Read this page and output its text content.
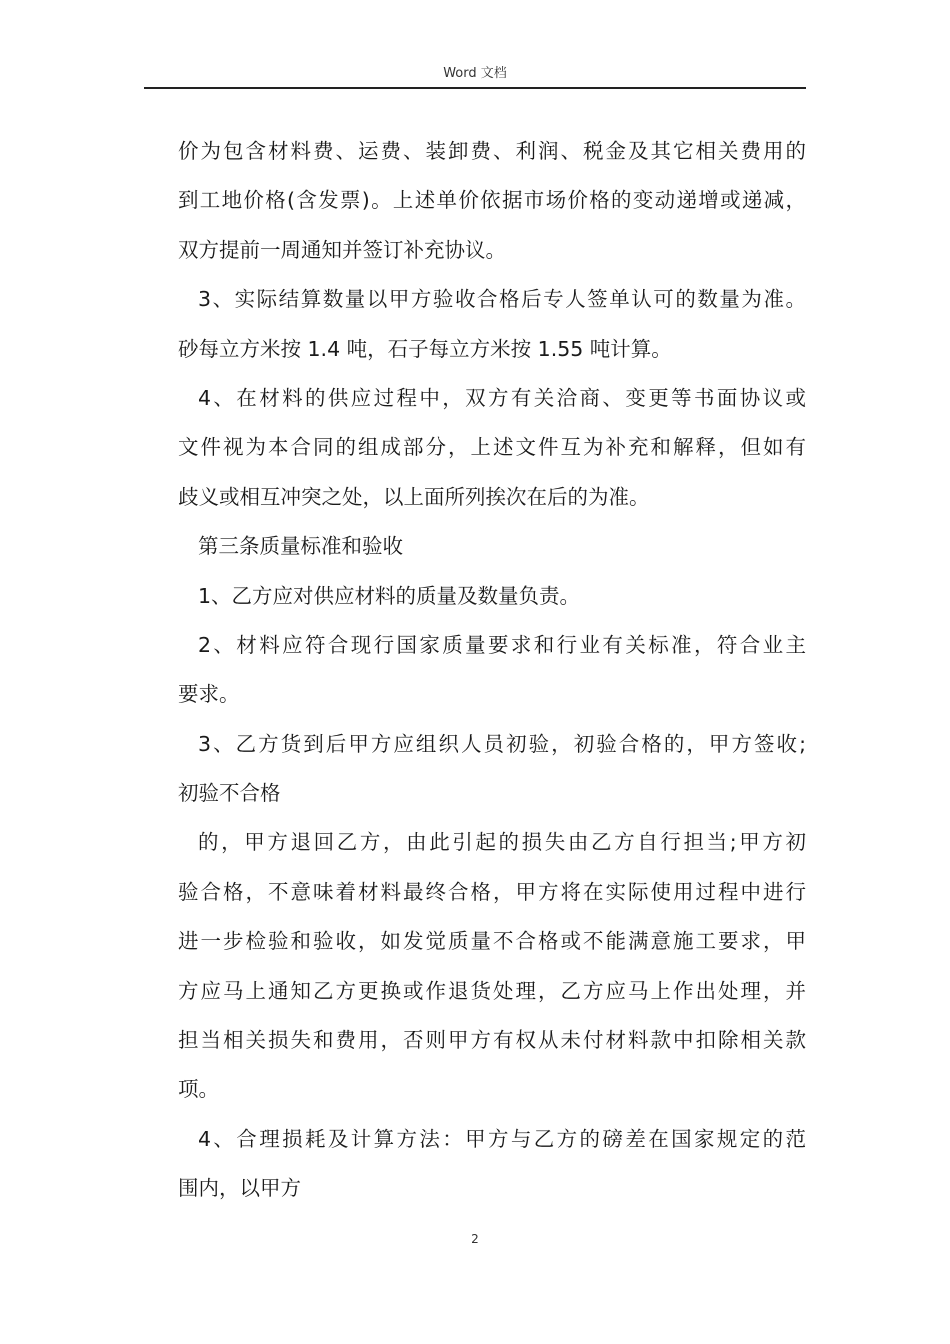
Word 文档
价为包含材料费、运费、装卸费、利润、税金及其它相关费用的
到工地价格(含发票)。上述单价依据市场价格的变动递增或递减，
双方提前一周通知并签订补充协议。
3、实际结算数量以甲方验收合格后专人签单认可的数量为准。
砂每立方米按 1.4 吨，石子每立方米按 1.55 吨计算。
4、在材料的供应过程中，双方有关洽商、变更等书面协议或
文件视为本合同的组成部分，上述文件互为补充和解释，但如有
歧义或相互冲突之处，以上面所列挨次在后的为准。
第三条质量标准和验收
1、乙方应对供应材料的质量及数量负责。
2、材料应符合现行国家质量要求和行业有关标准，符合业主
要求。
3、乙方货到后甲方应组织人员初验，初验合格的，甲方签收;
初验不合格
的，甲方退回乙方，由此引起的损失由乙方自行担当;甲方初
验合格，不意味着材料最终合格，甲方将在实际使用过程中进行
进一步检验和验收，如发觉质量不合格或不能满意施工要求，甲
方应马上通知乙方更换或作退货处理，乙方应马上作出处理，并
担当相关损失和费用，否则甲方有权从未付材料款中扣除相关款
项。
4、合理损耗及计算方法：甲方与乙方的磅差在国家规定的范
围内，以甲方
2
